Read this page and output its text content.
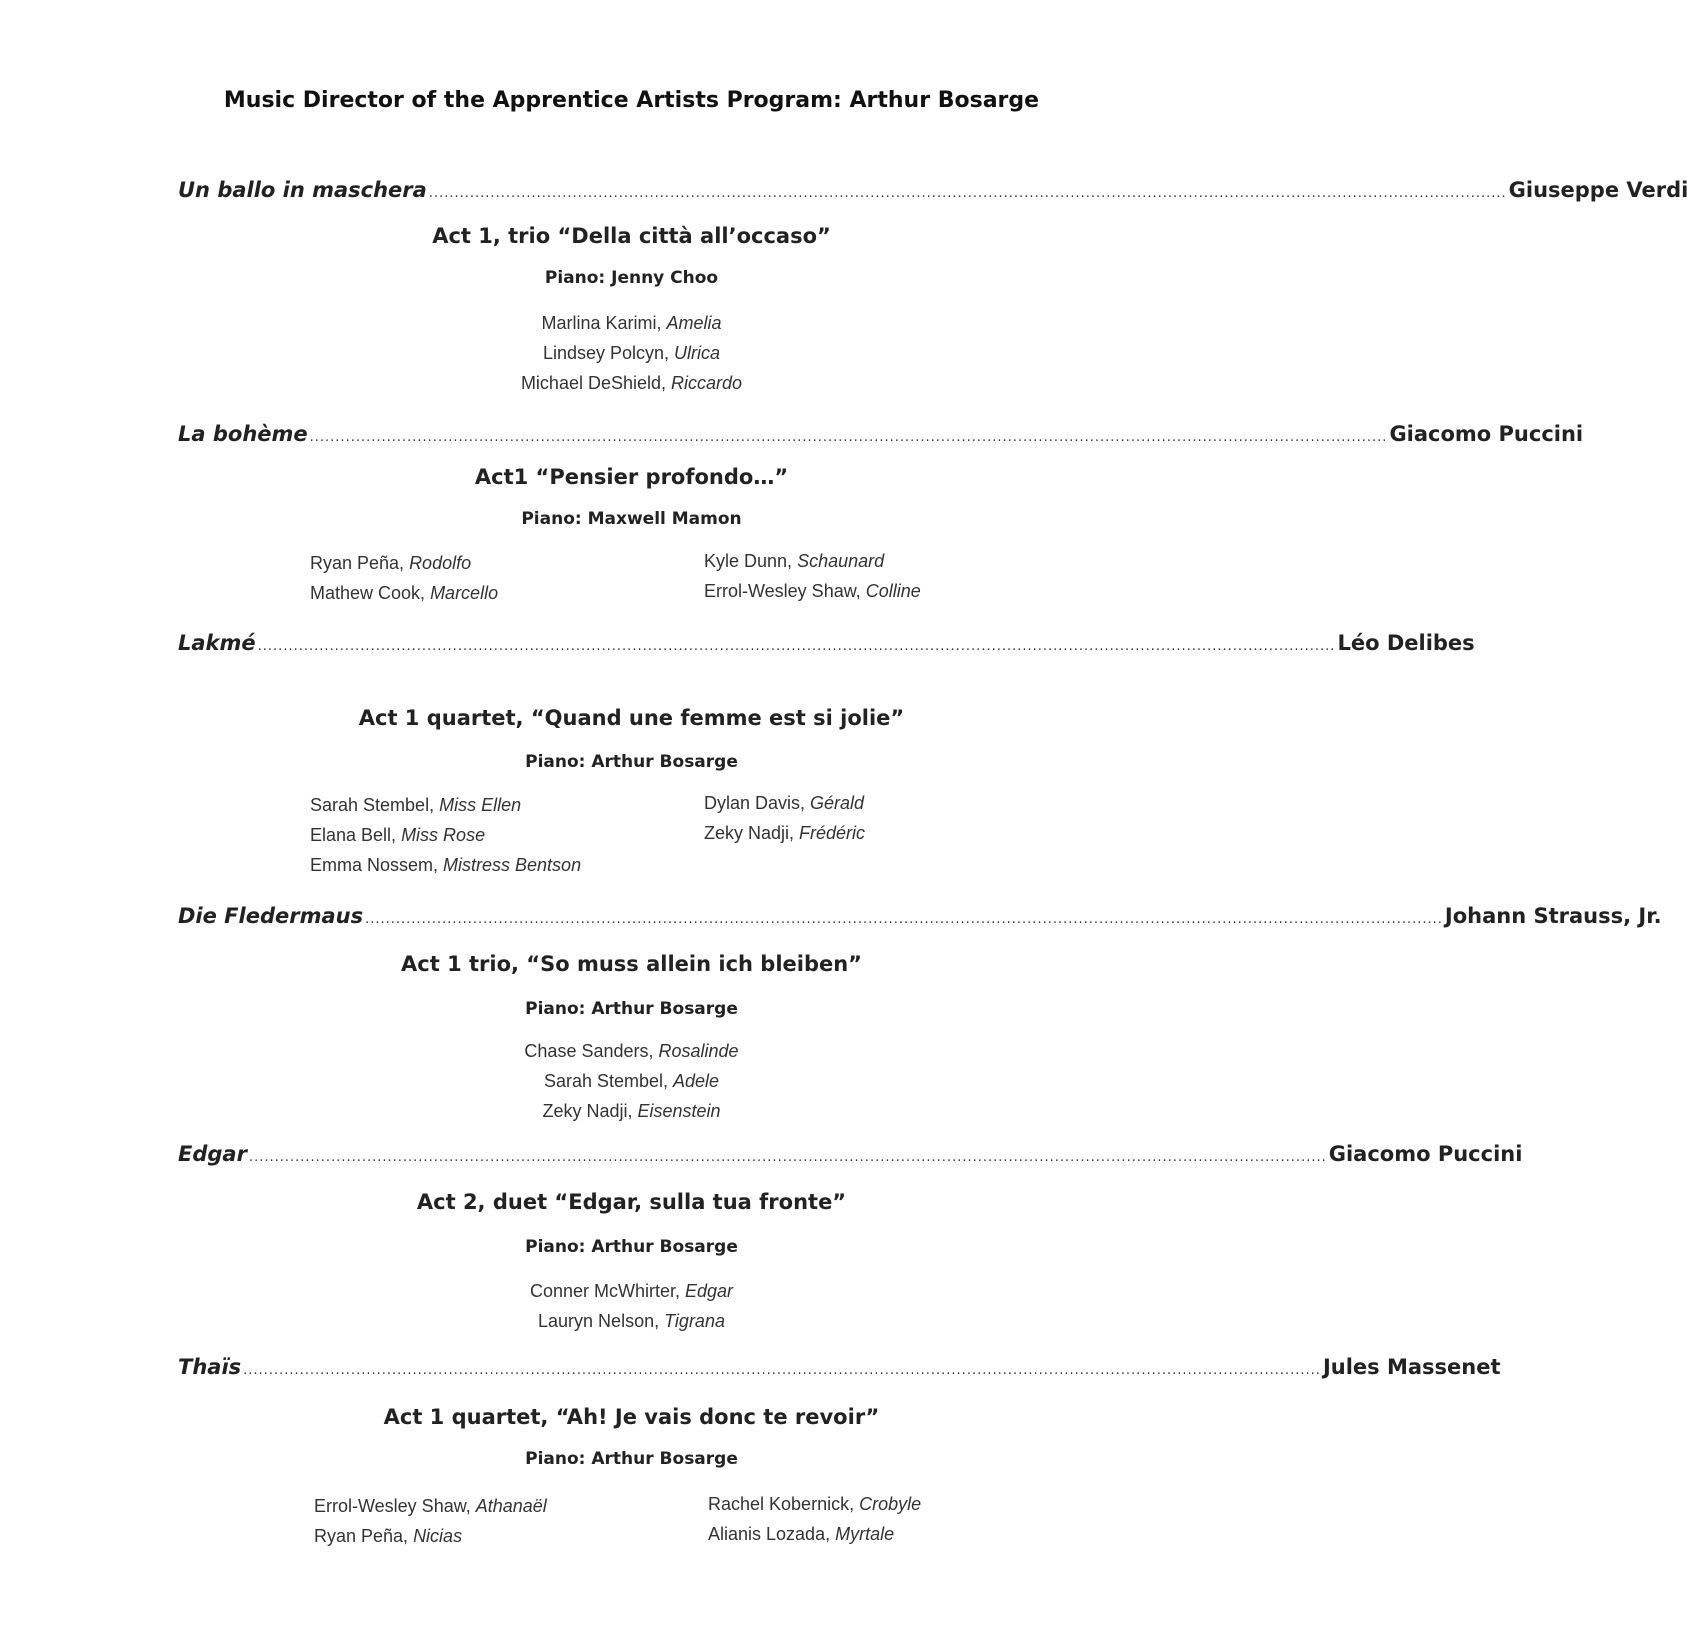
Music Director of the Apprentice Artists Program: Arthur Bosarge
Un ballo in maschera .................................................................................................................................................................................................................. Giuseppe Verdi
Act 1, trio “Della città all’occaso”
Piano: Jenny Choo
Marlina Karimi, Amelia
Lindsey Polcyn, Ulrica
Michael DeShield, Riccardo
La bohème .................................................................................................................................................................................................................. Giacomo Puccini
Act1 “Pensier profondo…”
Piano: Maxwell Mamon
Ryan Peña, Rodolfo
Mathew Cook, Marcello
Kyle Dunn, Schaunard
Errol-Wesley Shaw, Colline
Lakmé .................................................................................................................................................................................................................. Léo Delibes
Act 1 quartet, “Quand une femme est si jolie”
Piano: Arthur Bosarge
Sarah Stembel, Miss Ellen
Elana Bell, Miss Rose
Emma Nossem, Mistress Bentson
Dylan Davis, Gérald
Zeky Nadji, Frédéric
Die Fledermaus .................................................................................................................................................................................................................. Johann Strauss, Jr.
Act 1 trio, “So muss allein ich bleiben”
Piano: Arthur Bosarge
Chase Sanders, Rosalinde
Sarah Stembel, Adele
Zeky Nadji, Eisenstein
Edgar .................................................................................................................................................................................................................. Giacomo Puccini
Act 2, duet “Edgar, sulla tua fronte”
Piano: Arthur Bosarge
Conner McWhirter, Edgar
Lauryn Nelson, Tigrana
Thaïs .................................................................................................................................................................................................................. Jules Massenet
Act 1 quartet, “Ah! Je vais donc te revoir”
Piano: Arthur Bosarge
Errol-Wesley Shaw, Athanaël
Ryan Peña, Nicias
Rachel Kobernick, Crobyle
Alianis Lozada, Myrtale
